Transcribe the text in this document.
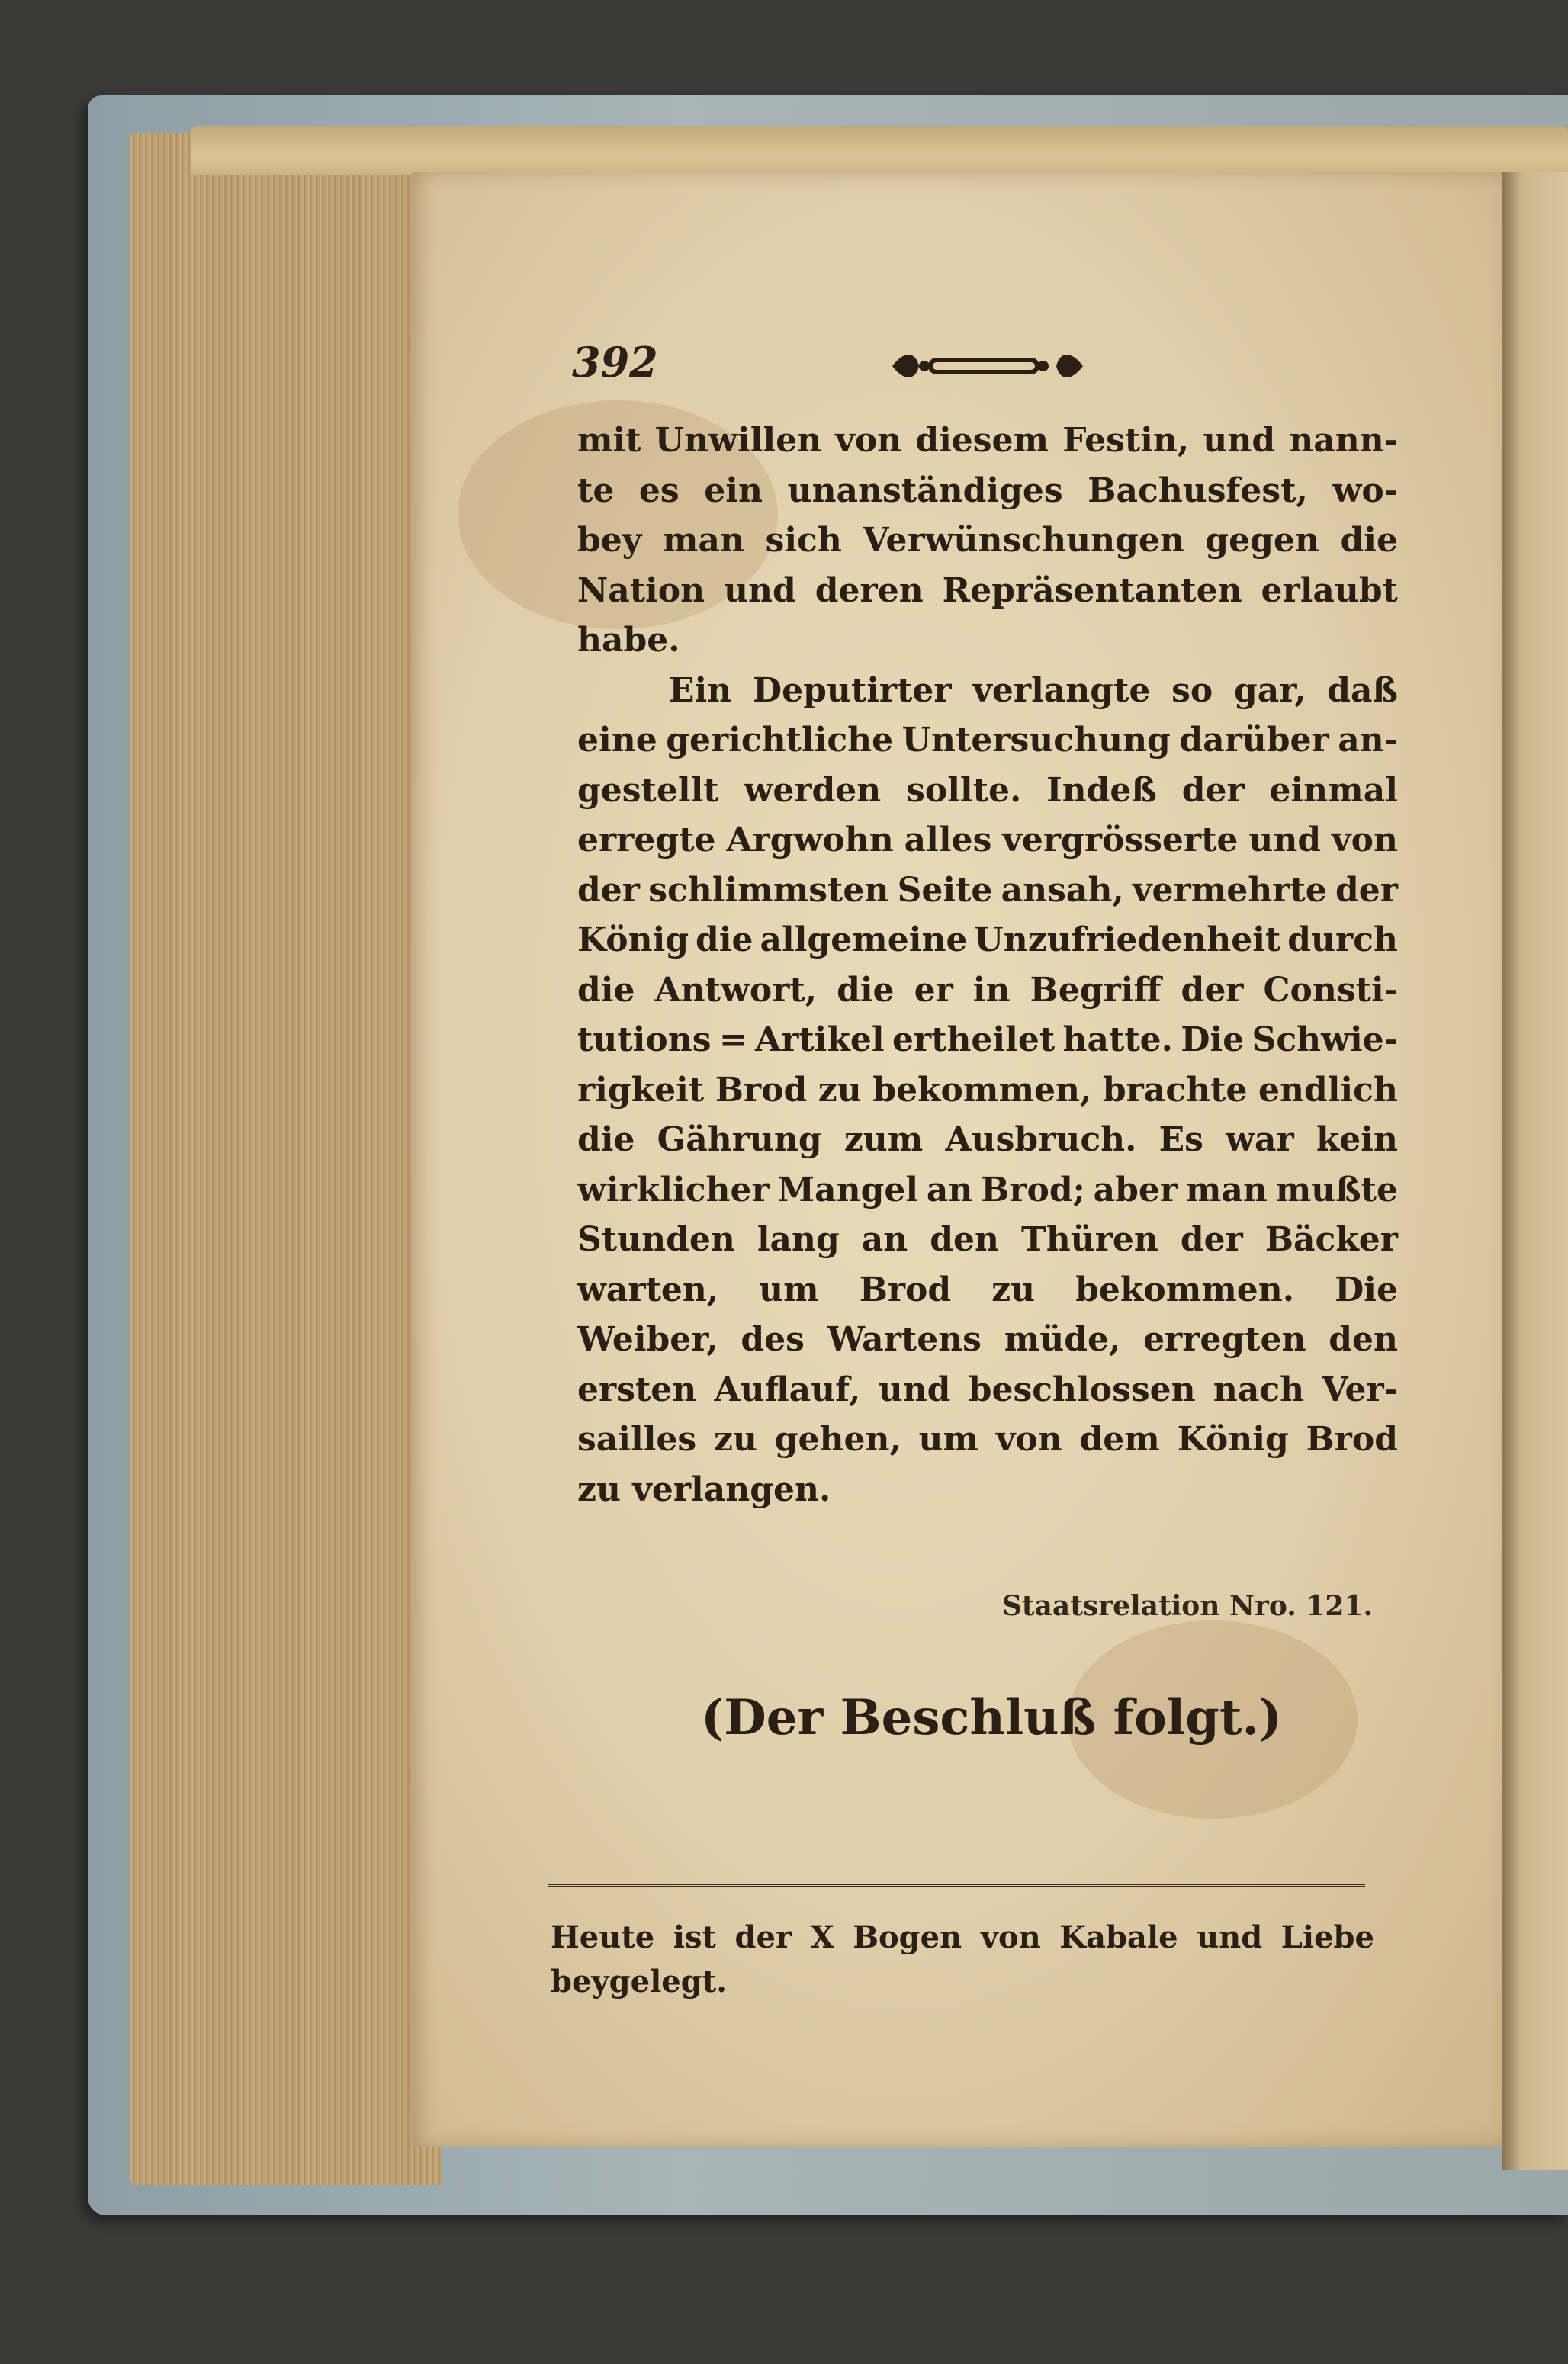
392
mit Unwillen von diesem Festin, und nann-
te es ein unanständiges Bachusfest, wo-
bey man sich Verwünschungen gegen die
Nation und deren Repräsentanten erlaubt
habe.
Ein Deputirter verlangte so gar, daß
eine gerichtliche Untersuchung darüber an-
gestellt werden sollte. Indeß der einmal
erregte Argwohn alles vergrösserte und von
der schlimmsten Seite ansah, vermehrte der
König die allgemeine Unzufriedenheit durch
die Antwort, die er in Begriff der Consti-
tutions = Artikel ertheilet hatte. Die Schwie-
rigkeit Brod zu bekommen, brachte endlich
die Gährung zum Ausbruch. Es war kein
wirklicher Mangel an Brod; aber man mußte
Stunden lang an den Thüren der Bäcker
warten, um Brod zu bekommen. Die
Weiber, des Wartens müde, erregten den
ersten Auflauf, und beschlossen nach Ver-
sailles zu gehen, um von dem König Brod
zu verlangen.
Staatsrelation Nro. 121.
(Der Beschluß folgt.)
Heute ist der X Bogen von Kabale und Liebe
beygelegt.
